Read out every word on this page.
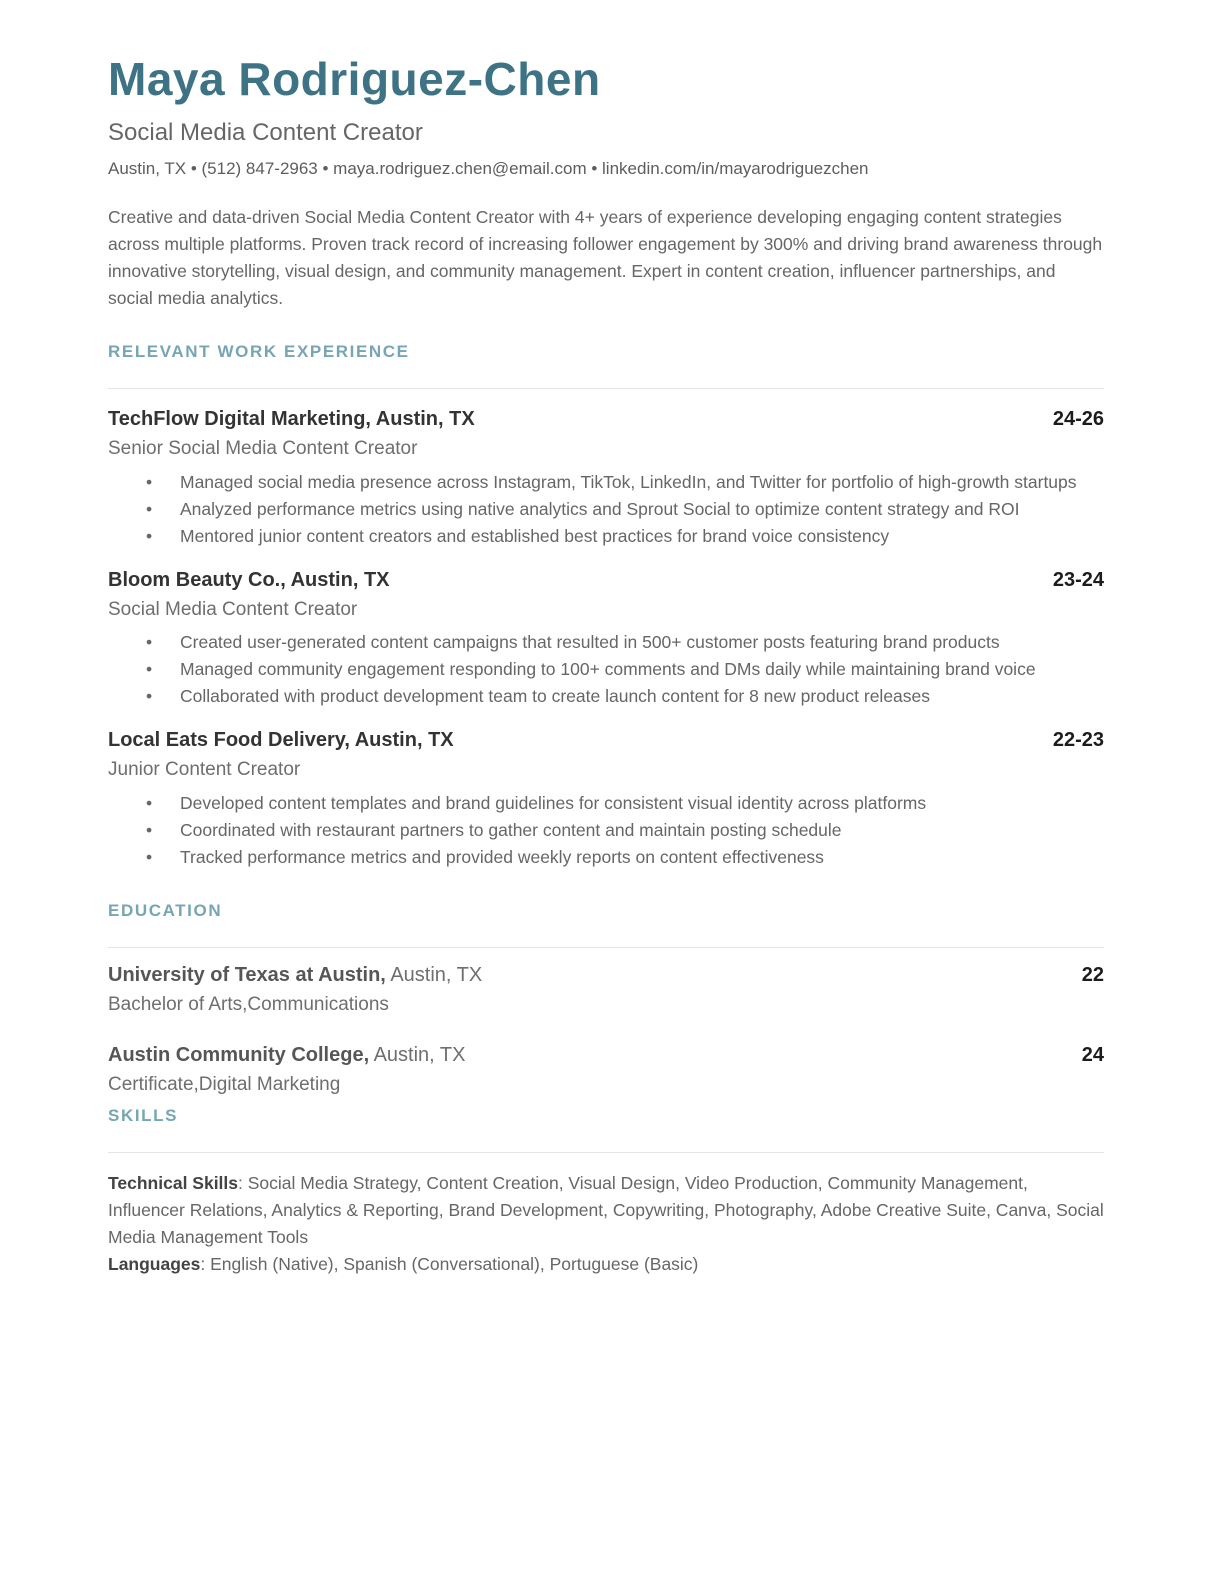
Maya Rodriguez-Chen
Social Media Content Creator
Austin, TX • (512) 847-2963 • maya.rodriguez.chen@email.com • linkedin.com/in/mayarodriguezchen

Creative and data-driven Social Media Content Creator with 4+ years of experience developing engaging content strategies across multiple platforms. Proven track record of increasing follower engagement by 300% and driving brand awareness through innovative storytelling, visual design, and community management. Expert in content creation, influencer partnerships, and social media analytics.

RELEVANT WORK EXPERIENCE
TechFlow Digital Marketing, Austin, TX	24-26
Senior Social Media Content Creator
• Managed social media presence across Instagram, TikTok, LinkedIn, and Twitter for portfolio of high-growth startups
• Analyzed performance metrics using native analytics and Sprout Social to optimize content strategy and ROI
• Mentored junior content creators and established best practices for brand voice consistency
Bloom Beauty Co., Austin, TX	23-24
Social Media Content Creator
• Created user-generated content campaigns that resulted in 500+ customer posts featuring brand products
• Managed community engagement responding to 100+ comments and DMs daily while maintaining brand voice
• Collaborated with product development team to create launch content for 8 new product releases
Local Eats Food Delivery, Austin, TX	22-23
Junior Content Creator
• Developed content templates and brand guidelines for consistent visual identity across platforms
• Coordinated with restaurant partners to gather content and maintain posting schedule
• Tracked performance metrics and provided weekly reports on content effectiveness
EDUCATION
University of Texas at Austin, Austin, TX	22
Bachelor of Arts,Communications
Austin Community College, Austin, TX	24
Certificate,Digital Marketing
SKILLS
Technical Skills: Social Media Strategy, Content Creation, Visual Design, Video Production, Community Management, Influencer Relations, Analytics & Reporting, Brand Development, Copywriting, Photography, Adobe Creative Suite, Canva, Social Media Management Tools
Languages: English (Native), Spanish (Conversational), Portuguese (Basic)
